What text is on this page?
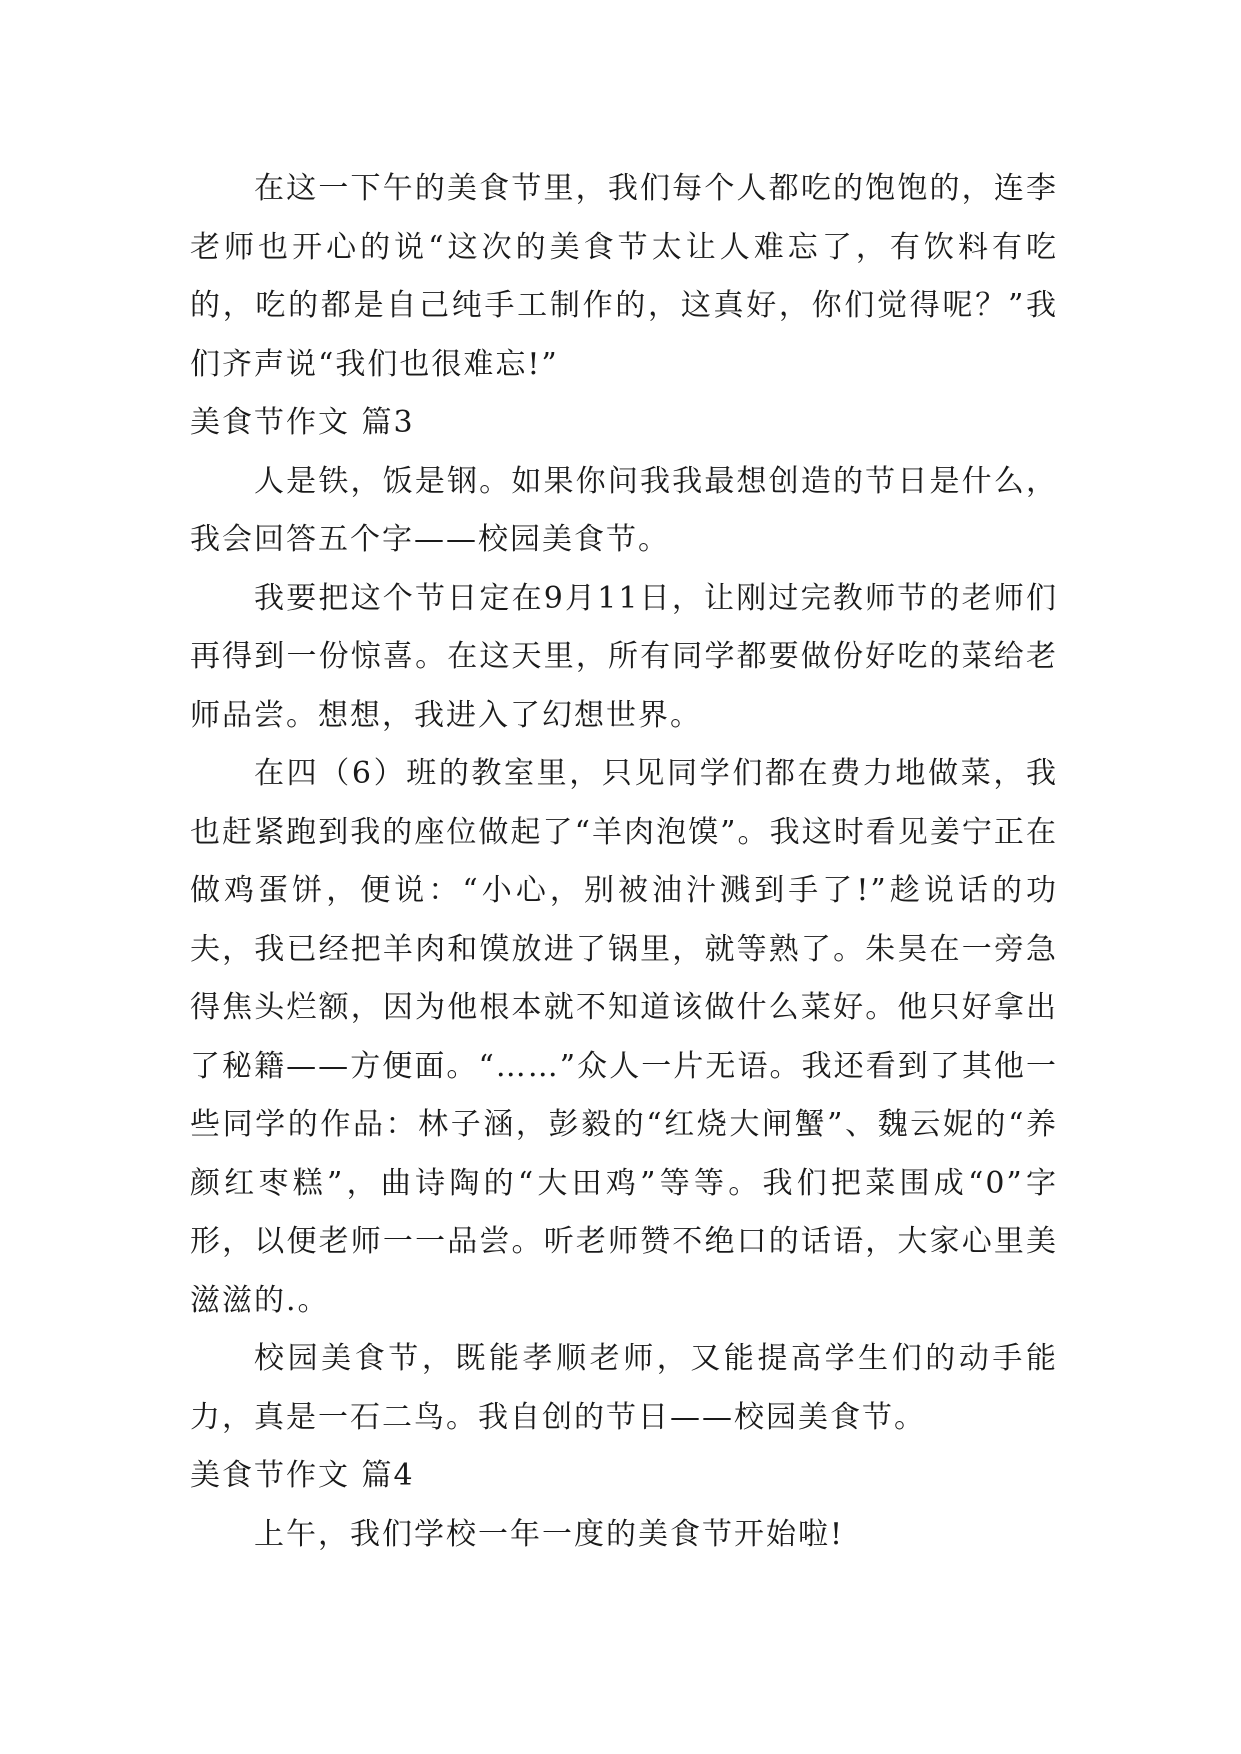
在这一下午的美食节里，我们每个人都吃的饱饱的，连李老师也开心的说“这次的美食节太让人难忘了，有饮料有吃的，吃的都是自己纯手工制作的，这真好，你们觉得呢？”我们齐声说“我们也很难忘!”

美食节作文 篇3

人是铁，饭是钢。如果你问我我最想创造的节日是什么，我会回答五个字——校园美食节。

我要把这个节日定在9月11日，让刚过完教师节的老师们再得到一份惊喜。在这天里，所有同学都要做份好吃的菜给老师品尝。想想，我进入了幻想世界。

在四（6）班的教室里，只见同学们都在费力地做菜，我也赶紧跑到我的座位做起了“羊肉泡馍”。我这时看见姜宁正在做鸡蛋饼，便说：“小心，别被油汁溅到手了!”趁说话的功夫，我已经把羊肉和馍放进了锅里，就等熟了。朱昊在一旁急得焦头烂额，因为他根本就不知道该做什么菜好。他只好拿出了秘籍——方便面。“……”众人一片无语。我还看到了其他一些同学的作品：林子涵，彭毅的“红烧大闸蟹”、魏云妮的“养颜红枣糕”，曲诗陶的“大田鸡”等等。我们把菜围成“0”字形，以便老师一一品尝。听老师赞不绝口的话语，大家心里美滋滋的.。

校园美食节，既能孝顺老师，又能提高学生们的动手能力，真是一石二鸟。我自创的节日——校园美食节。

美食节作文 篇4

上午，我们学校一年一度的美食节开始啦!
